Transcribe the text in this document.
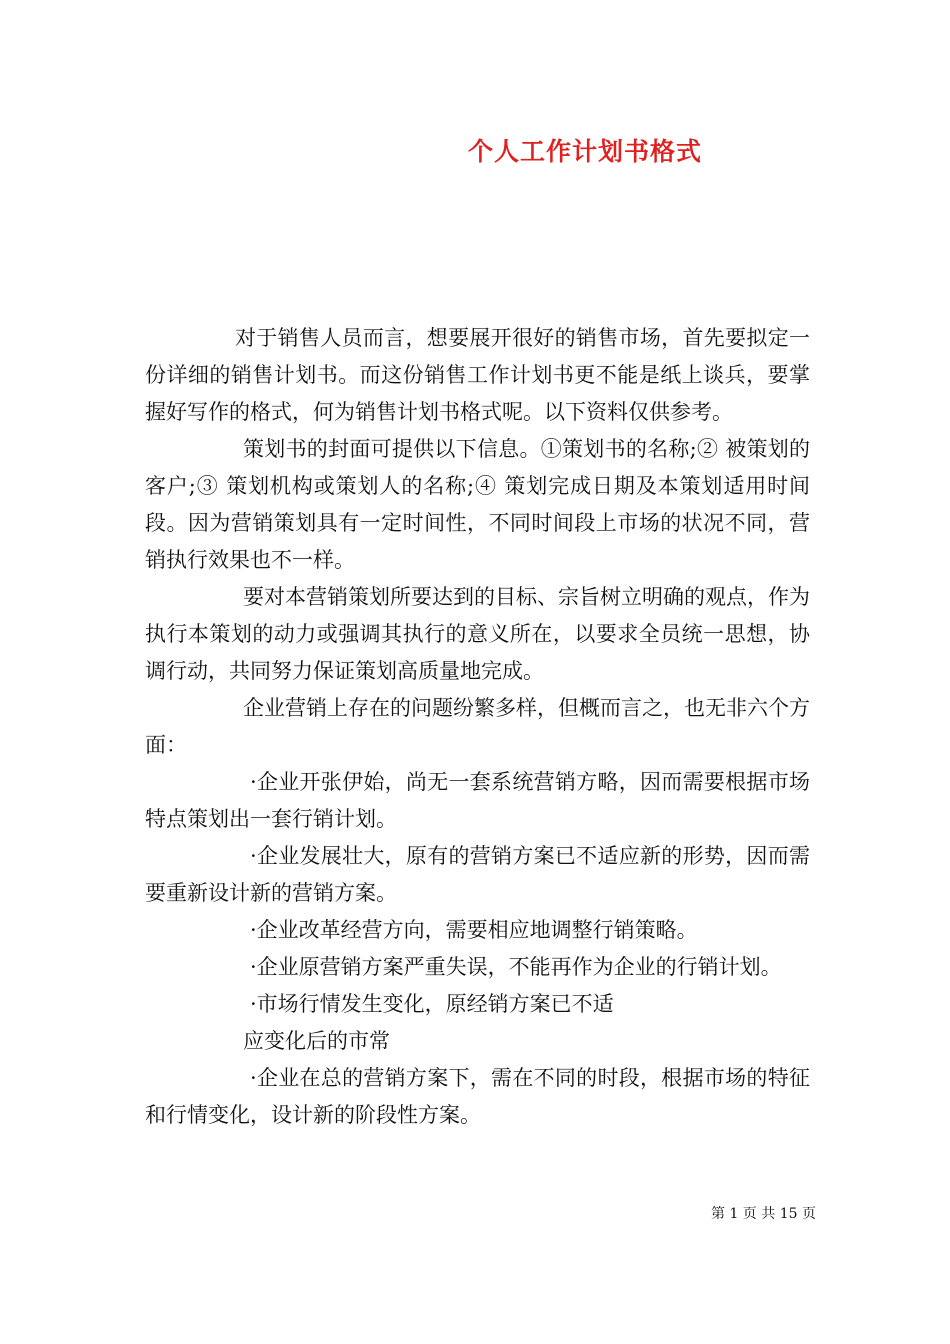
个人工作计划书格式

对于销售人员而言，想要展开很好的销售市场，首先要拟定一份详细的销售计划书。而这份销售工作计划书更不能是纸上谈兵，要掌握好写作的格式，何为销售计划书格式呢。以下资料仅供参考。

策划书的封面可提供以下信息。①策划书的名称;② 被策划的客户;③ 策划机构或策划人的名称;④ 策划完成日期及本策划适用时间段。因为营销策划具有一定时间性，不同时间段上市场的状况不同，营销执行效果也不一样。

要对本营销策划所要达到的目标、宗旨树立明确的观点，作为执行本策划的动力或强调其执行的意义所在，以要求全员统一思想，协调行动，共同努力保证策划高质量地完成。

企业营销上存在的问题纷繁多样，但概而言之，也无非六个方面：

·企业开张伊始，尚无一套系统营销方略，因而需要根据市场特点策划出一套行销计划。

·企业发展壮大，原有的营销方案已不适应新的形势，因而需要重新设计新的营销方案。

·企业改革经营方向，需要相应地调整行销策略。

·企业原营销方案严重失误，不能再作为企业的行销计划。

·市场行情发生变化，原经销方案已不适

应变化后的市常

·企业在总的营销方案下，需在不同的时段，根据市场的特征和行情变化，设计新的阶段性方案。

第 1 页 共 15 页
